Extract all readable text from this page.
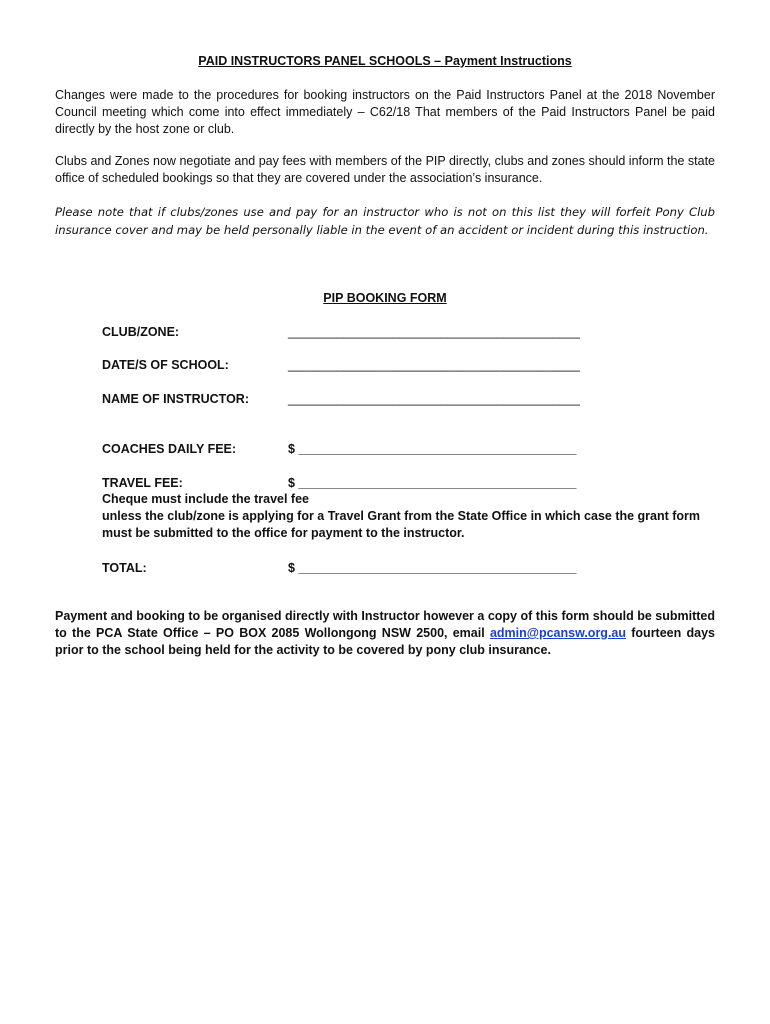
PAID INSTRUCTORS PANEL SCHOOLS – Payment Instructions
Changes were made to the procedures for booking instructors on the Paid Instructors Panel at the 2018 November Council meeting which come into effect immediately – C62/18 That members of the Paid Instructors Panel be paid directly by the host zone or club.
Clubs and Zones now negotiate and pay fees with members of the PIP directly, clubs and zones should inform the state office of scheduled bookings so that they are covered under the association’s insurance.
Please note that if clubs/zones use and pay for an instructor who is not on this list they will forfeit Pony Club insurance cover and may be held personally liable in the event of an accident or incident during this instruction.
PIP BOOKING FORM
CLUB/ZONE:	__________________________________________
DATE/S OF SCHOOL:	__________________________________________
NAME OF INSTRUCTOR:	__________________________________________
COACHES DAILY FEE:	$ ________________________________________
TRAVEL FEE:	$ ________________________________________
Cheque must include the travel fee
unless the club/zone is applying for a Travel Grant from the State Office in which case the grant form must be submitted to the office for payment to the instructor.
TOTAL:	$ ________________________________________
Payment and booking to be organised directly with Instructor however a copy of this form should be submitted to the PCA State Office – PO BOX 2085 Wollongong NSW 2500, email admin@pcansw.org.au fourteen days prior to the school being held for the activity to be covered by pony club insurance.
